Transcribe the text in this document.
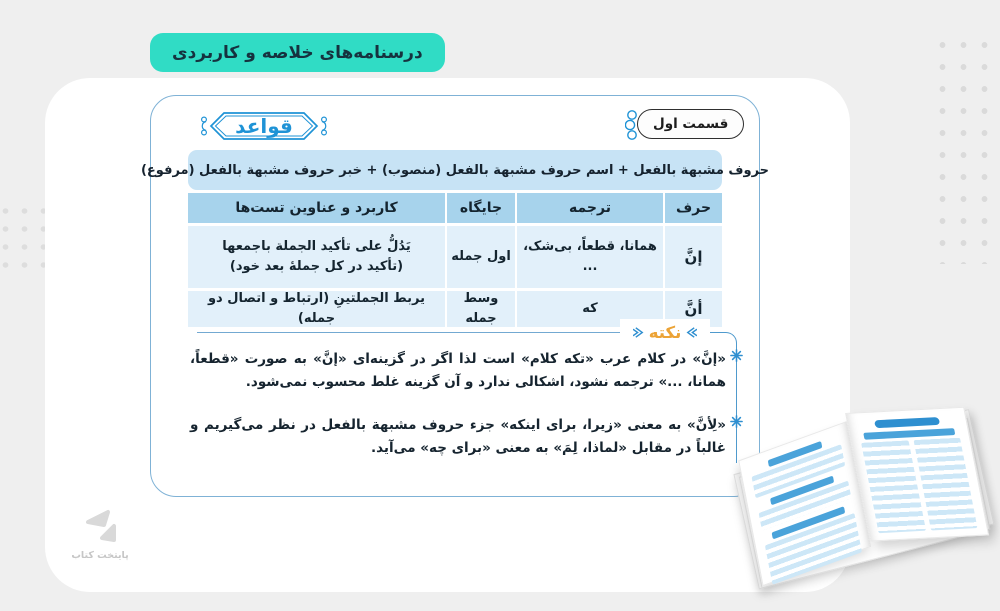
درسنامه‌های خلاصه و کاربردی
قواعد	قسمت اول
حروف مشبهة بالفعل + اسم حروف مشبهة بالفعل (منصوب) + خبر حروف مشبهة بالفعل (مرفوع)
حرف
ترجمه
جایگاه
کاربرد و عناوین تست‌ها
إنَّ
همانا، قطعاً، بی‌شک، ...
اول جمله
یَدُلُّ علی تأکید الجملة باجمعها
(تأکید در کل جملهٔ بعد خود)
أنَّ
که
وسط جمله
یربط الجملتینِ (ارتباط و اتصال دو جمله)
نکته

«إنَّ» در کلام عرب «تکه کلام» است لذا اگر در گزینه‌ای «إنَّ» به صورت «قطعاً، همانا، ...» ترجمه نشود، اشکالی ندارد و آن گزینه غلط محسوب نمی‌شود.

«لِأنَّ» به معنی «زیرا، برای اینکه» جزء حروف مشبهة بالفعل در نظر می‌گیریم و غالباً در مقابل «لماذا، لِمَ» به معنی «برای چه» می‌آید.

پایتخت کتاب
